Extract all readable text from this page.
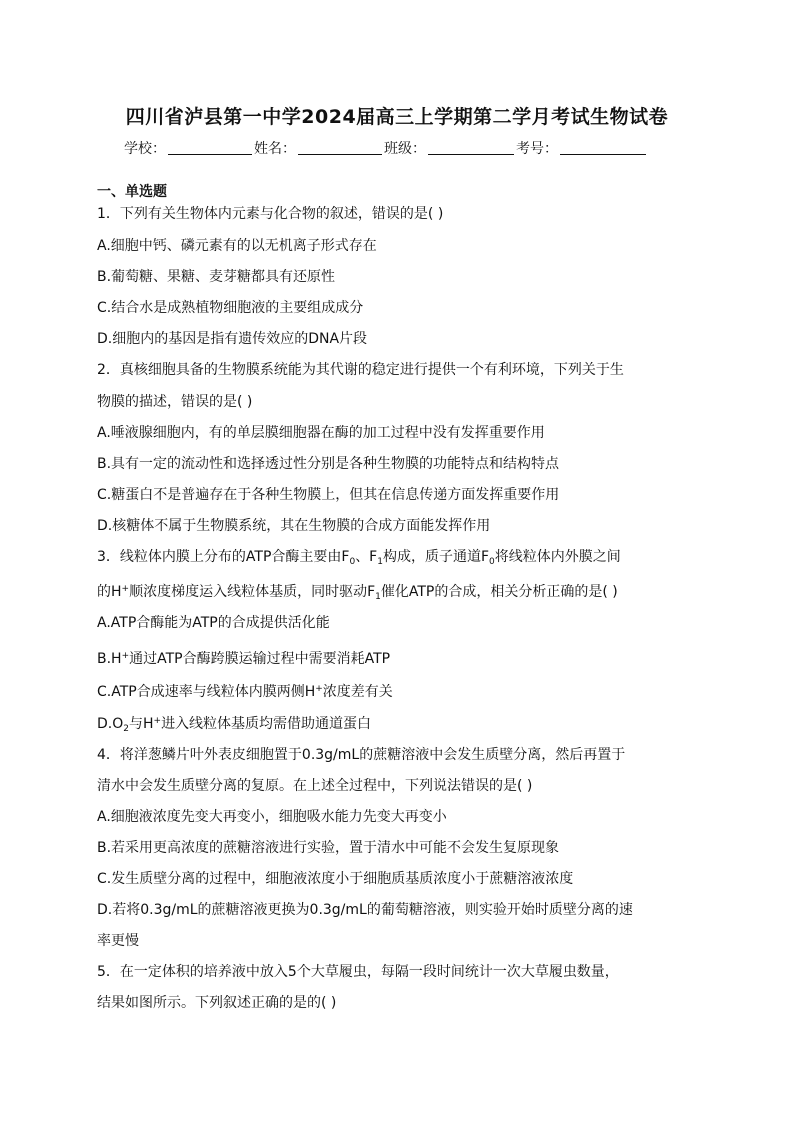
四川省泸县第一中学2024届高三上学期第二学月考试生物试卷
学校：	姓名：	班级：	考号：
一、单选题
1．下列有关生物体内元素与化合物的叙述，错误的是( )
A.细胞中钙、磷元素有的以无机离子形式存在
B.葡萄糖、果糖、麦芽糖都具有还原性
C.结合水是成熟植物细胞液的主要组成成分
D.细胞内的基因是指有遗传效应的DNA片段
2．真核细胞具备的生物膜系统能为其代谢的稳定进行提供一个有利环境，下列关于生
物膜的描述，错误的是( )
A.唾液腺细胞内，有的单层膜细胞器在酶的加工过程中没有发挥重要作用
B.具有一定的流动性和选择透过性分别是各种生物膜的功能特点和结构特点
C.糖蛋白不是普遍存在于各种生物膜上，但其在信息传递方面发挥重要作用
D.核糖体不属于生物膜系统，其在生物膜的合成方面能发挥作用
3．线粒体内膜上分布的ATP合酶主要由$F_0$、$F_1$构成，质子通道$F_0$将线粒体内外膜之间
的H+顺浓度梯度运入线粒体基质，同时驱动$F_1$催化ATP的合成，相关分析正确的是( )
A.ATP合酶能为ATP的合成提供活化能
B.H+通过ATP合酶跨膜运输过程中需要消耗ATP
C.ATP合成速率与线粒体内膜两侧H+浓度差有关
$D.O_2$与H+进入线粒体基质均需借助通道蛋白
4．将洋葱鳞片叶外表皮细胞置于0.3g/mL的蔗糖溶液中会发生质壁分离，然后再置于
清水中会发生质壁分离的复原。在上述全过程中，下列说法错误的是( )
A.细胞液浓度先变大再变小，细胞吸水能力先变大再变小
B.若采用更高浓度的蔗糖溶液进行实验，置于清水中可能不会发生复原现象
C.发生质壁分离的过程中，细胞液浓度小于细胞质基质浓度小于蔗糖溶液浓度
D.若将0.3g/mL的蔗糖溶液更换为0.3g/mL的葡萄糖溶液，则实验开始时质壁分离的速
率更慢
5．在一定体积的培养液中放入5个大草履虫，每隔一段时间统计一次大草履虫数量，
结果如图所示。下列叙述正确的是的( )
